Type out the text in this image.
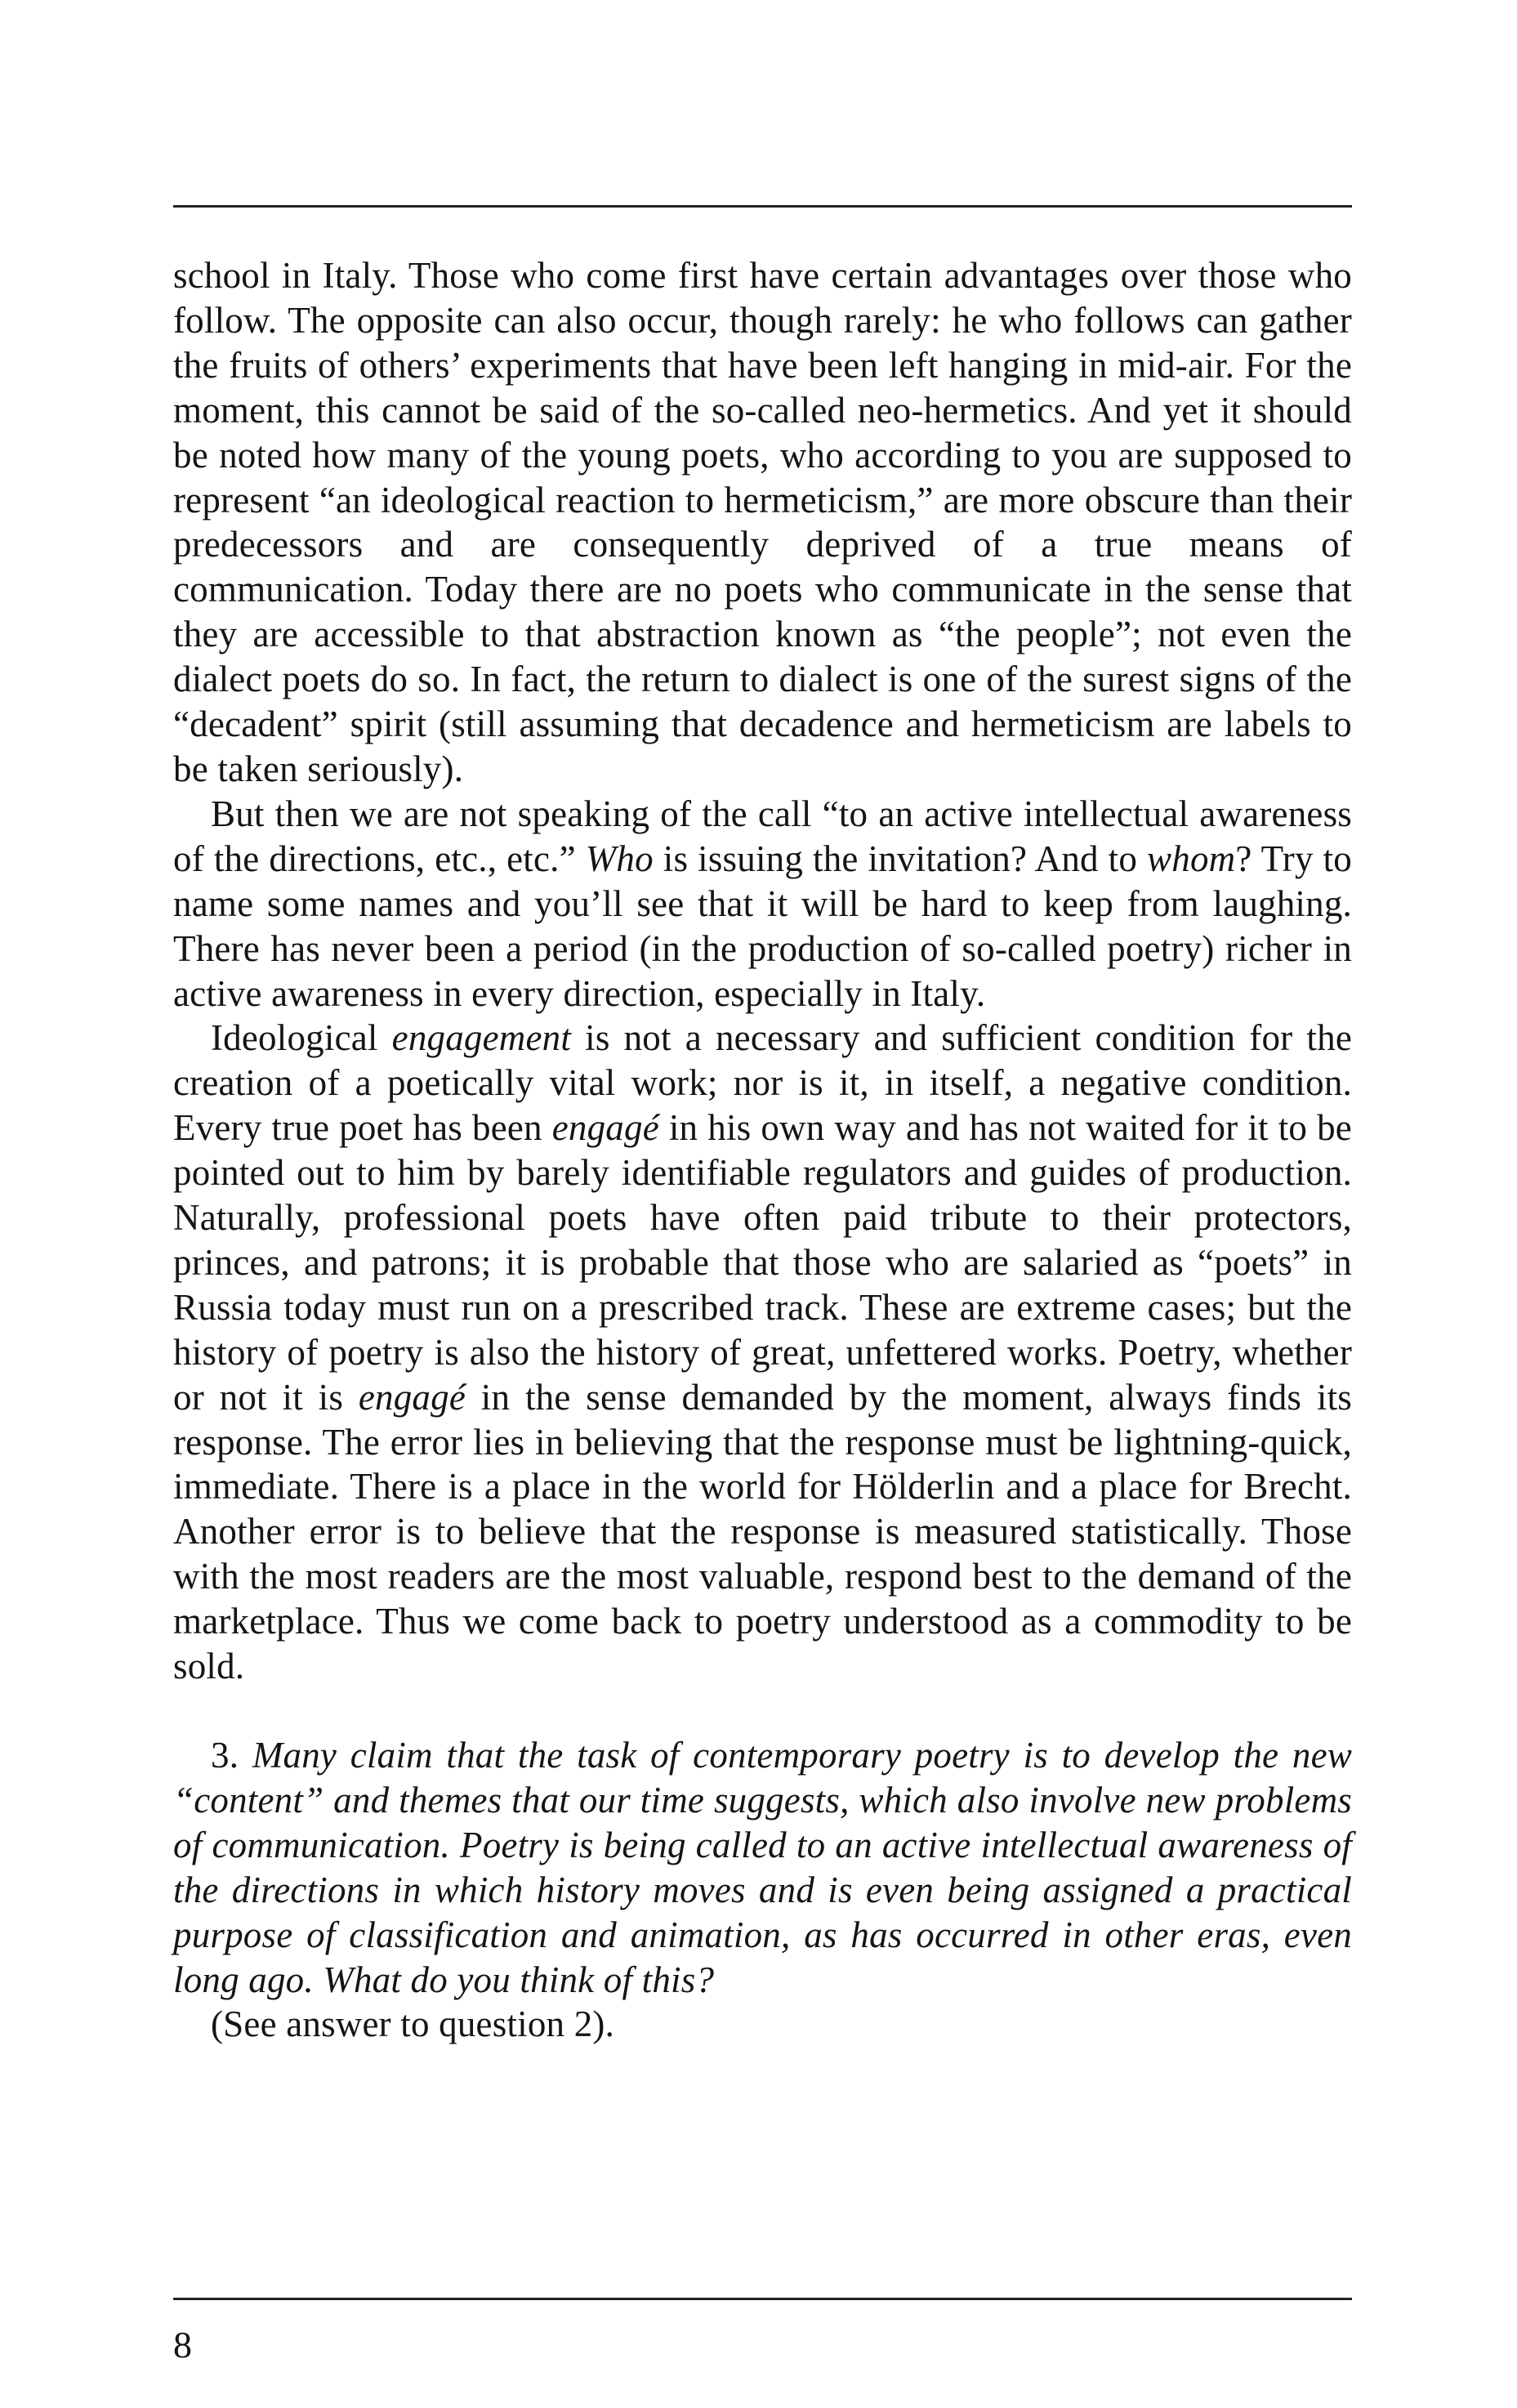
school in Italy. Those who come first have certain advantages over those who follow. The opposite can also occur, though rarely: he who follows can gather the fruits of others’ experiments that have been left hanging in mid-air. For the moment, this cannot be said of the so-called neo-hermetics. And yet it should be noted how many of the young poets, who according to you are supposed to represent “an ideological reaction to hermeticism,” are more obscure than their predecessors and are consequently deprived of a true means of communication. Today there are no poets who communicate in the sense that they are accessible to that abstraction known as “the people”; not even the dialect poets do so. In fact, the return to dialect is one of the surest signs of the “decadent” spirit (still assuming that decadence and hermeticism are labels to be taken seriously).

But then we are not speaking of the call “to an active intellectual awareness of the directions, etc., etc.” Who is issuing the invitation? And to whom? Try to name some names and you’ll see that it will be hard to keep from laughing. There has never been a period (in the production of so-called poetry) richer in active awareness in every direction, especially in Italy.

Ideological engagement is not a necessary and sufficient condition for the creation of a poetically vital work; nor is it, in itself, a negative condition. Every true poet has been engagé in his own way and has not waited for it to be pointed out to him by barely identifiable regulators and guides of production. Naturally, professional poets have often paid tribute to their protectors, princes, and patrons; it is probable that those who are salaried as “poets” in Russia today must run on a prescribed track. These are extreme cases; but the history of poetry is also the history of great, unfettered works. Poetry, whether or not it is engagé in the sense demanded by the moment, always finds its response. The error lies in believing that the response must be lightning-quick, immediate. There is a place in the world for Hölderlin and a place for Brecht. Another error is to believe that the response is measured statistically. Those with the most readers are the most valuable, respond best to the demand of the marketplace. Thus we come back to poetry understood as a commodity to be sold.

3. Many claim that the task of contemporary poetry is to develop the new “content” and themes that our time suggests, which also involve new problems of communication. Poetry is being called to an active intellectual awareness of the directions in which history moves and is even being assigned a practical purpose of classification and animation, as has occurred in other eras, even long ago. What do you think of this?

(See answer to question 2).

8
